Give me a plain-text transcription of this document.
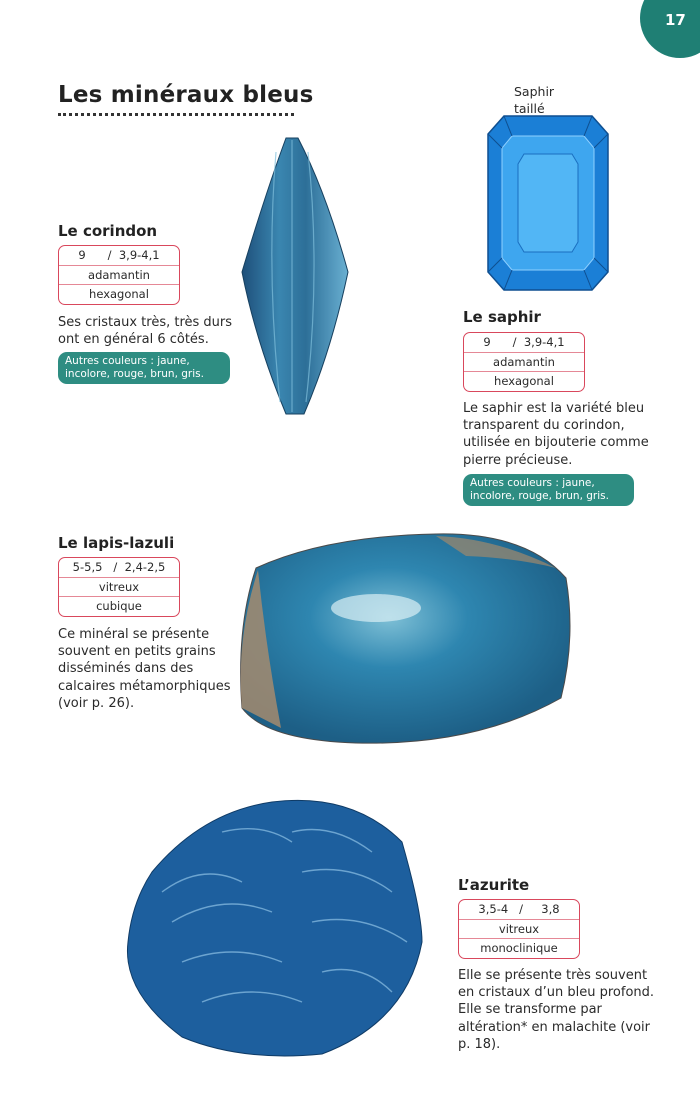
17
Les minéraux bleus
Le corindon
9 / 3,9-4,1
adamantin
hexagonal
Ses cristaux très, très durs ont en général 6 côtés.
Autres couleurs : jaune, incolore, rouge, brun, gris.
Saphir taillé
Le saphir
9 / 3,9-4,1
adamantin
hexagonal
Le saphir est la variété bleu transparent du corindon, utilisée en bijouterie comme pierre précieuse.
Autres couleurs : jaune, incolore, rouge, brun, gris.
Le lapis-lazuli
5-5,5 / 2,4-2,5
vitreux
cubique
Ce minéral se présente souvent en petits grains disséminés dans des calcaires métamorphiques (voir p. 26).
L’azurite
3,5-4 / 3,8
vitreux
monoclinique
Elle se présente très souvent en cristaux d’un bleu profond. Elle se transforme par altération* en malachite (voir p. 18).
